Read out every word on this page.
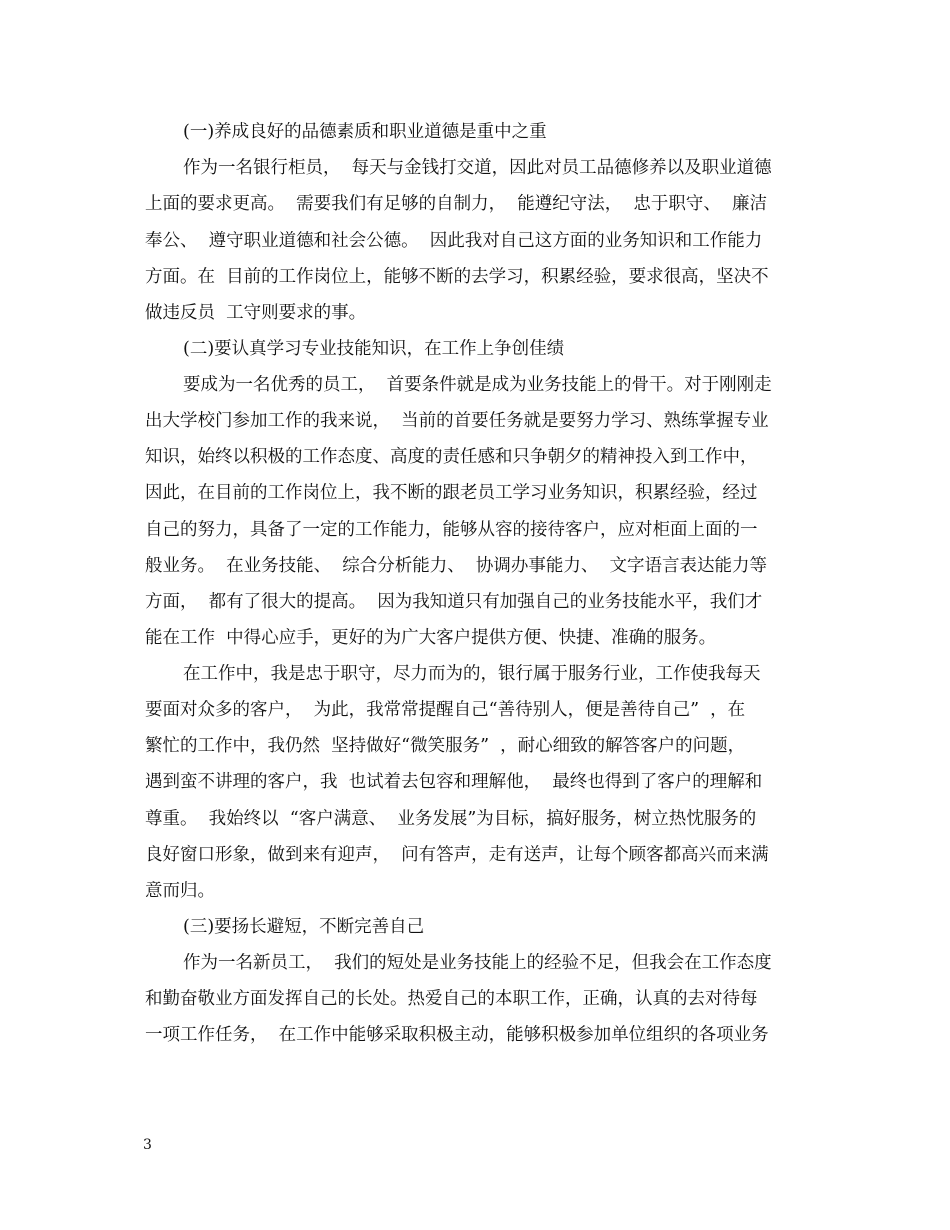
(一)养成良好的品德素质和职业道德是重中之重
作为一名银行柜员，  每天与金钱打交道，因此对员工品德修养以及职业道德
上面的要求更高。  需要我们有足够的自制力，  能遵纪守法，  忠于职守、  廉洁
奉公、  遵守职业道德和社会公德。  因此我对自己这方面的业务知识和工作能力
方面。在  目前的工作岗位上，能够不断的去学习，积累经验，要求很高，坚决不
做违反员  工守则要求的事。
(二)要认真学习专业技能知识，在工作上争创佳绩
要成为一名优秀的员工，  首要条件就是成为业务技能上的骨干。对于刚刚走
出大学校门参加工作的我来说，  当前的首要任务就是要努力学习、熟练掌握专业
知识，始终以积极的工作态度、高度的责任感和只争朝夕的精神投入到工作中，
因此，在目前的工作岗位上，我不断的跟老员工学习业务知识，积累经验，经过
自己的努力，具备了一定的工作能力，能够从容的接待客户，应对柜面上面的一
般业务。  在业务技能、  综合分析能力、  协调办事能力、  文字语言表达能力等
方面，  都有了很大的提高。  因为我知道只有加强自己的业务技能水平，我们才
能在工作  中得心应手，更好的为广大客户提供方便、快捷、准确的服务。
在工作中，我是忠于职守，尽力而为的，银行属于服务行业，工作使我每天
要面对众多的客户，  为此，我常常提醒自己“善待别人，便是善待自己”  ，在
繁忙的工作中，我仍然  坚持做好“微笑服务”  ，耐心细致的解答客户的问题，
遇到蛮不讲理的客户，我  也试着去包容和理解他，  最终也得到了客户的理解和
尊重。  我始终以  “客户满意、  业务发展”为目标，搞好服务，树立热忱服务的
良好窗口形象，做到来有迎声，  问有答声，走有送声，让每个顾客都高兴而来满
意而归。
(三)要扬长避短，不断完善自己
作为一名新员工，  我们的短处是业务技能上的经验不足，但我会在工作态度
和勤奋敬业方面发挥自己的长处。热爱自己的本职工作，正确，认真的去对待每
一项工作任务，  在工作中能够采取积极主动，能够积极参加单位组织的各项业务
3
